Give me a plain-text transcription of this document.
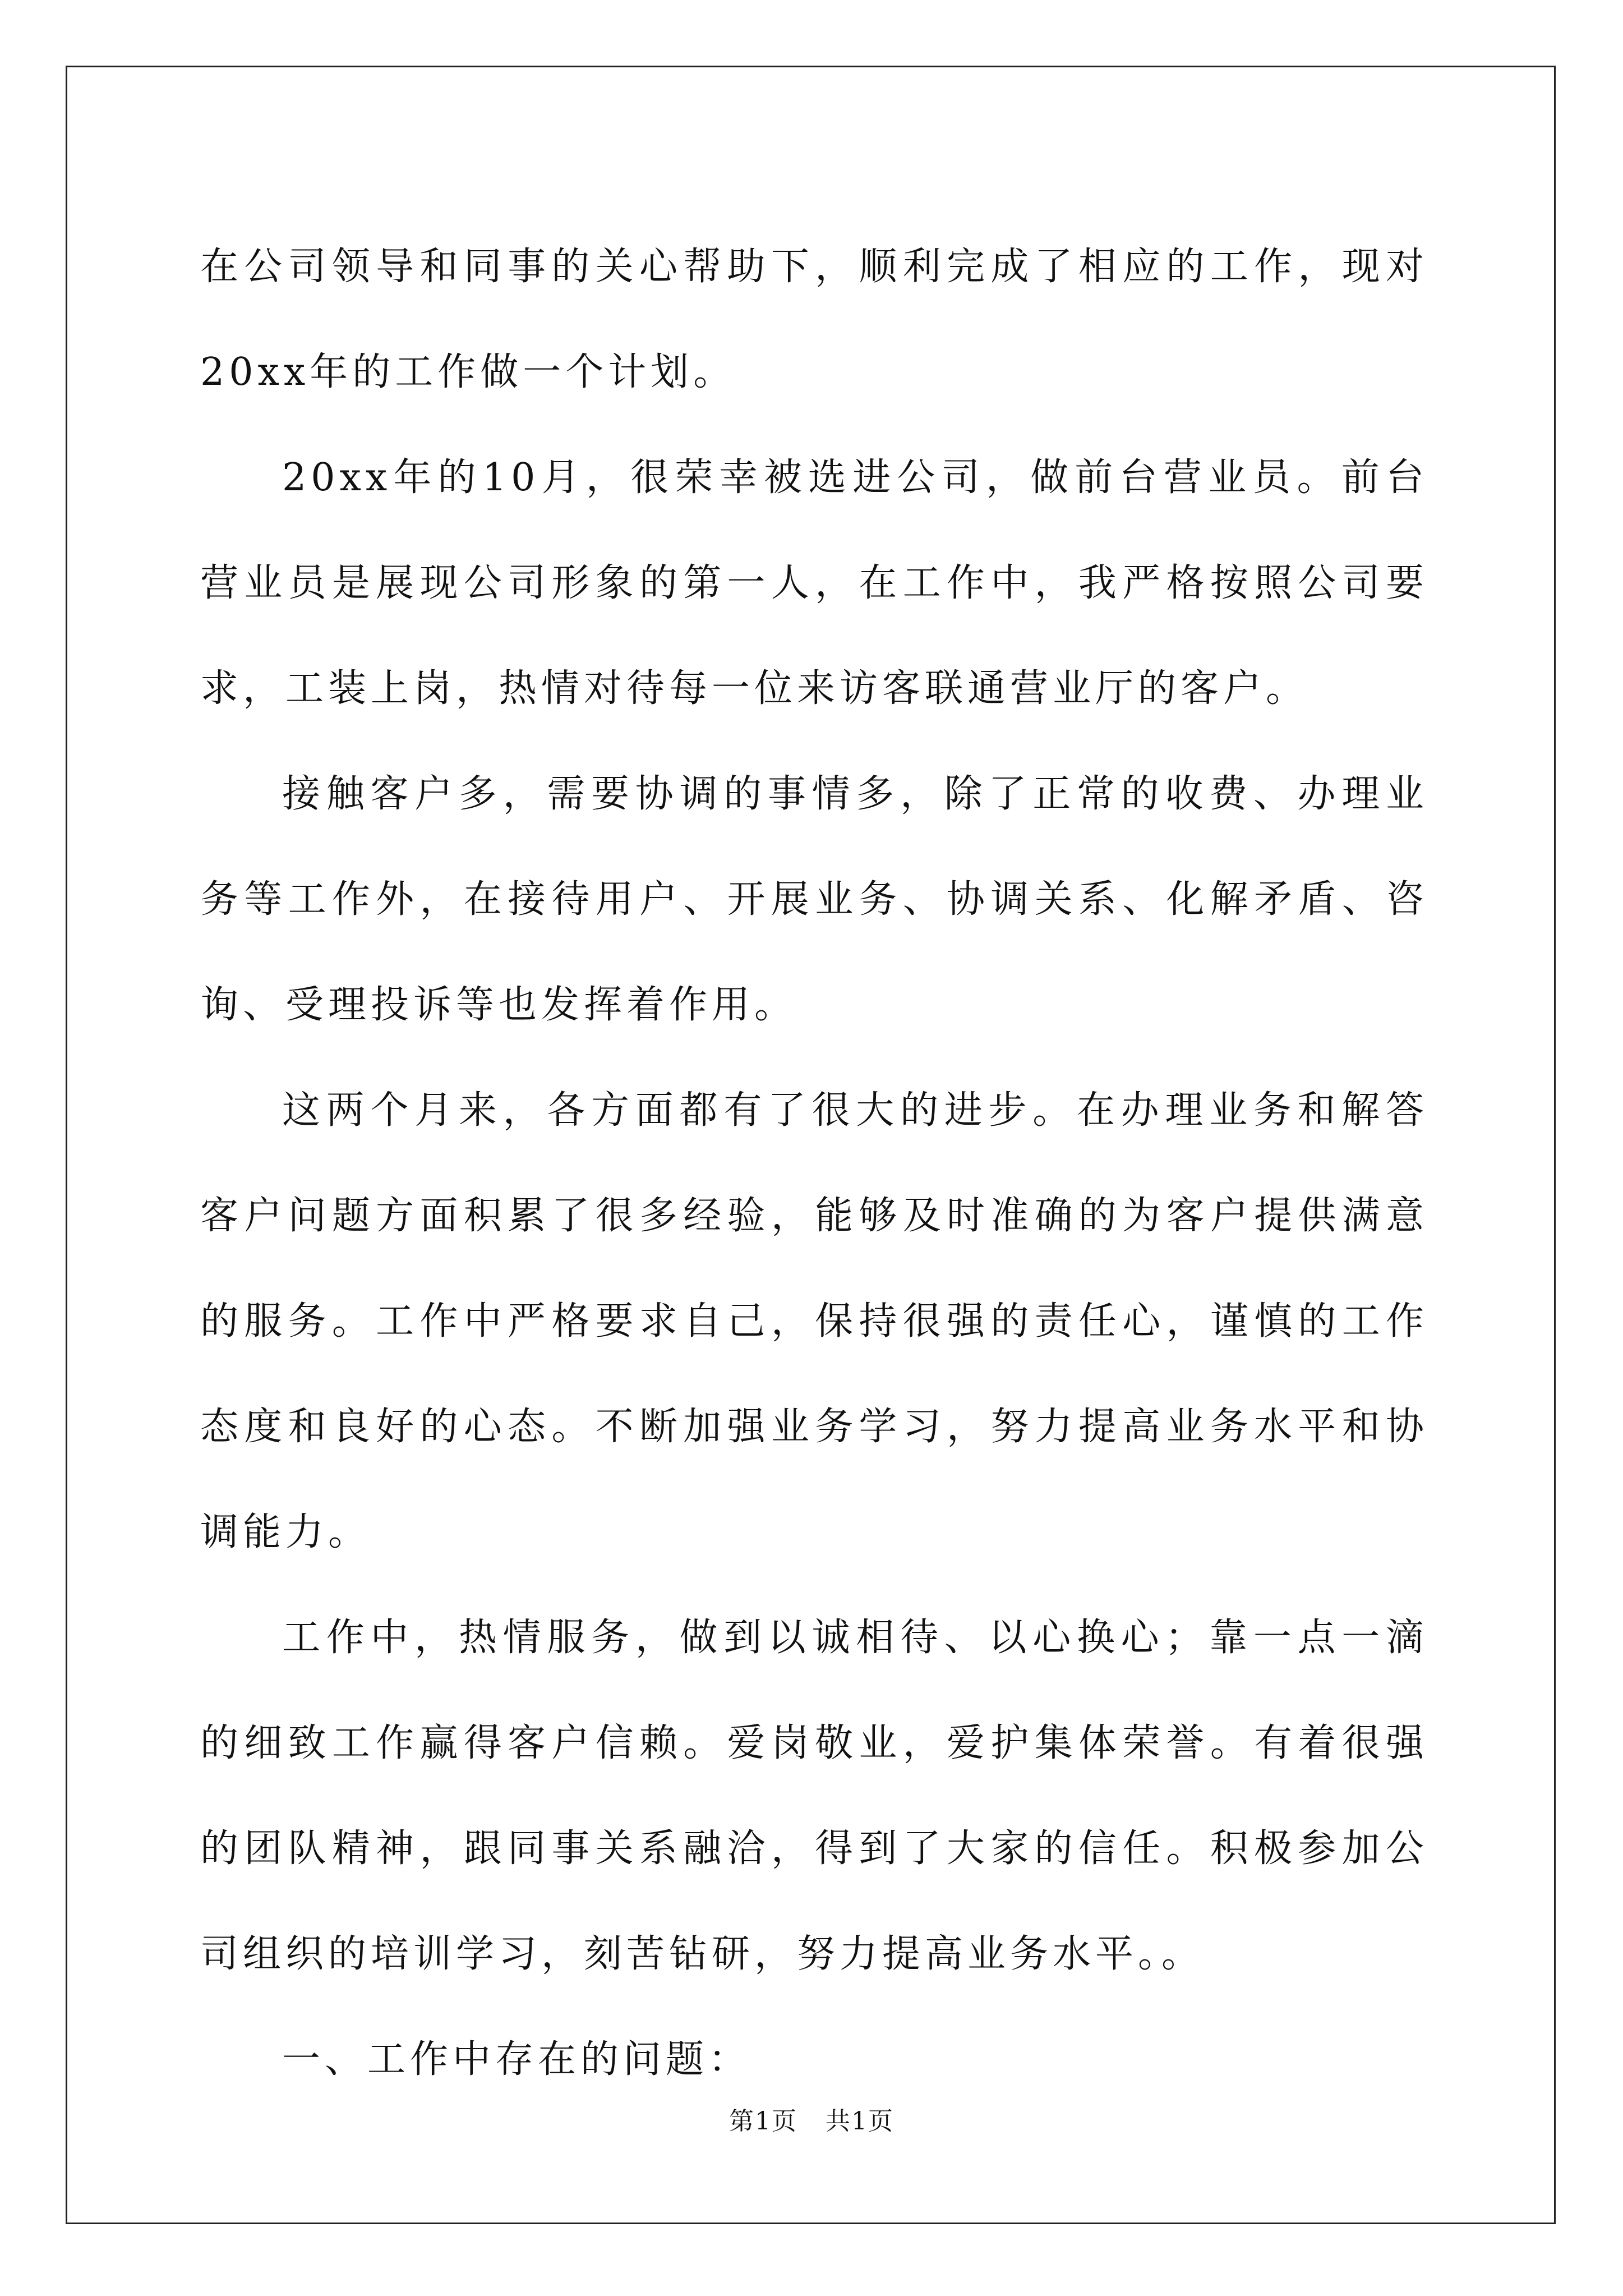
在公司领导和同事的关心帮助下，顺利完成了相应的工作，现对20xx年的工作做一个计划。

20xx年的10月，很荣幸被选进公司，做前台营业员。前台营业员是展现公司形象的第一人，在工作中，我严格按照公司要求，工装上岗，热情对待每一位来访客联通营业厅的客户。

接触客户多，需要协调的事情多，除了正常的收费、办理业务等工作外，在接待用户、开展业务、协调关系、化解矛盾、咨询、受理投诉等也发挥着作用。

这两个月来，各方面都有了很大的进步。在办理业务和解答客户问题方面积累了很多经验，能够及时准确的为客户提供满意的服务。工作中严格要求自己，保持很强的责任心，谨慎的工作态度和良好的心态。不断加强业务学习，努力提高业务水平和协调能力。

工作中，热情服务，做到以诚相待、以心换心；靠一点一滴的细致工作赢得客户信赖。爱岗敬业，爱护集体荣誉。有着很强的团队精神，跟同事关系融洽，得到了大家的信任。积极参加公司组织的培训学习，刻苦钻研，努力提高业务水平。。

一、工作中存在的问题：

第1页 共1页
